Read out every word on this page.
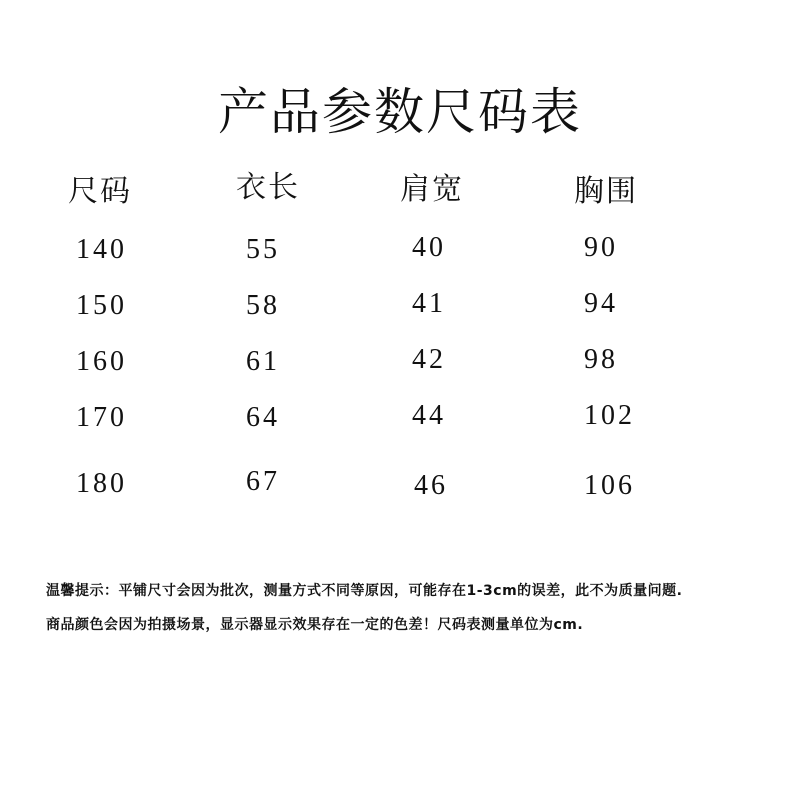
产品参数尺码表
尺码	衣长	肩宽	胸围
140	55	40	90
150	58	41	94
160	61	42	98
170	64	44	102
180	67	46	106
温馨提示：平铺尺寸会因为批次，测量方式不同等原因，可能存在1-3cm的误差，此不为质量问题.
商品颜色会因为拍摄场景，显示器显示效果存在一定的色差！尺码表测量单位为cm.
